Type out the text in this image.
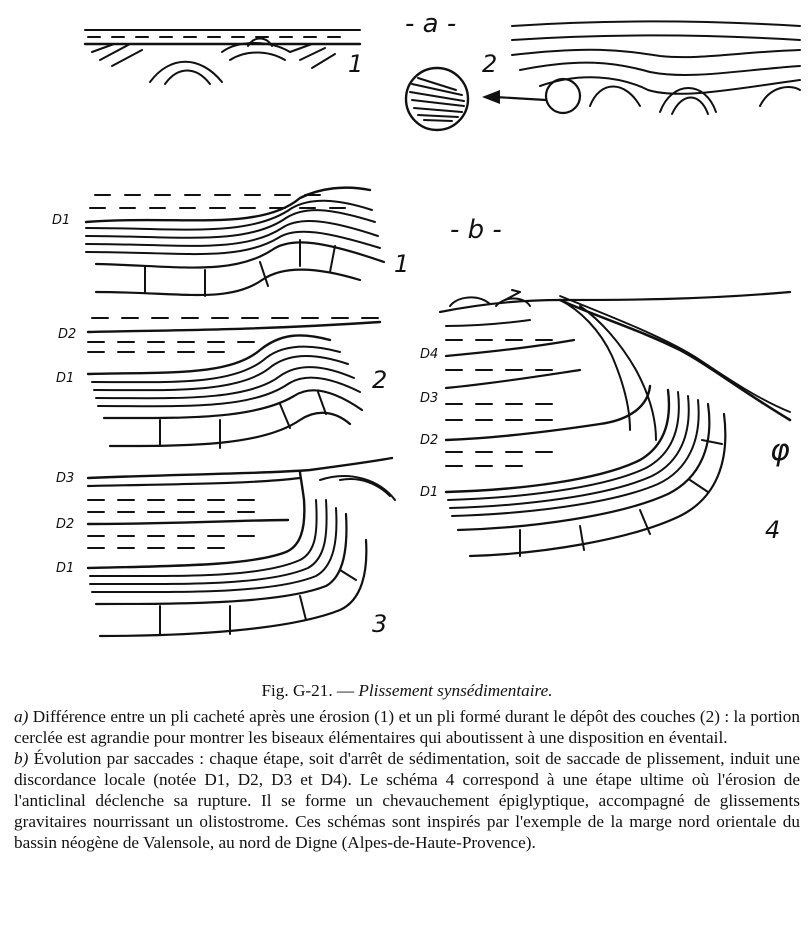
- a -
1	2
- b -
D1
1
D2
D1	2
D3
D2
D1
3
D4
D3
D2
D1
φ
4
Fig. G-21. — Plissement synsédimentaire.

a) Différence entre un pli cacheté après une érosion (1) et un pli formé durant le dépôt des couches (2) : la portion cerclée est agrandie pour montrer les biseaux élémentaires qui aboutissent à une disposition en éventail.

b) Évolution par saccades : chaque étape, soit d'arrêt de sédimentation, soit de saccade de plissement, induit une discordance locale (notée D1, D2, D3 et D4). Le schéma 4 correspond à une étape ultime où l'érosion de l'anticlinal déclenche sa rupture. Il se forme un chevauchement épiglyptique, accompagné de glissements gravitaires nourrissant un olistostrome. Ces schémas sont inspirés par l'exemple de la marge nord orientale du bassin néogène de Valensole, au nord de Digne (Alpes-de-Haute-Provence).
